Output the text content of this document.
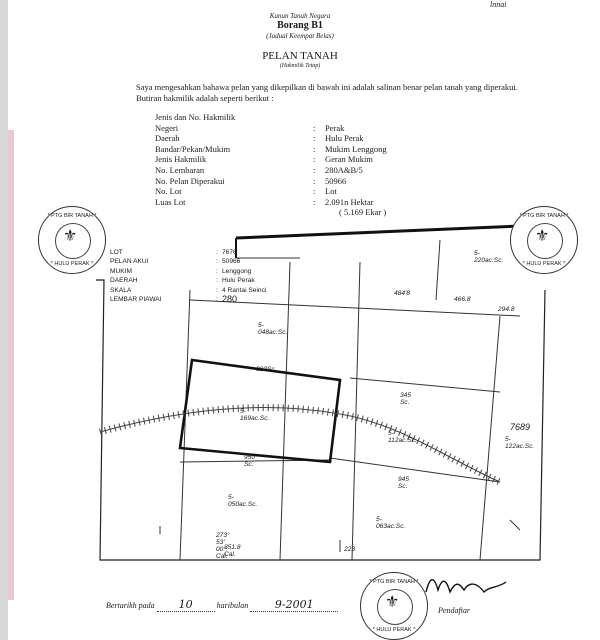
lnnai
Kanun Tanah Negara
Borang B1
(Jadual Keempat Belas)
PELAN TANAH
(Hakmilik Tetap)
Saya mengesahkan bahawa pelan yang dikepilkan di bawah ini adalah salinan benar pelan tanah yang diperakui.
Butiran hakmilik adalah seperti berikut :
Jenis dan No. Hakmilik
Negeri	:	Perak
Daerah	:	Hulu Perak
Bandar/Pekan/Mukim	:	Mukim Lenggong
Jenis Hakmilik	:	Geran Mukim
No. Lembaran	:	280A&B/5
No. Pelan Diperakui	:	50966
No. Lot	:	Lot
Luas Lot	:	2.091n Hektar
( 5.169 Ekar )
5-048ac.Sc.
5-220ac.Sc.
5-169ac.Sc.
5-112ac.Sc.
5-050ac.Sc.
5-063ac.Sc.
7689
5-122ac.Sc.
323Sc.
345 Sc.
950 Sc.
945 Sc.
273° 53' 00" Cal.
351.8 Cal.
484'8
466.8
294.8
223
LOT	: 7676
PELAN AKUI	: 50966
MUKIM	: Lenggong
DAERAH	: Hulu Perak
SKALA	: 4 Rantai Seinci
LEMBAR PIAWAI	: 280
* PTG BIR TANAH *
⚜
* HULU PERAK *
* PTG BIR TANAH *
⚜
* HULU PERAK *
* PTG BIR TANAH *
⚜
* HULU PERAK *
Bertarikh pada 10	haribulan 9-2001	Pendaftar
